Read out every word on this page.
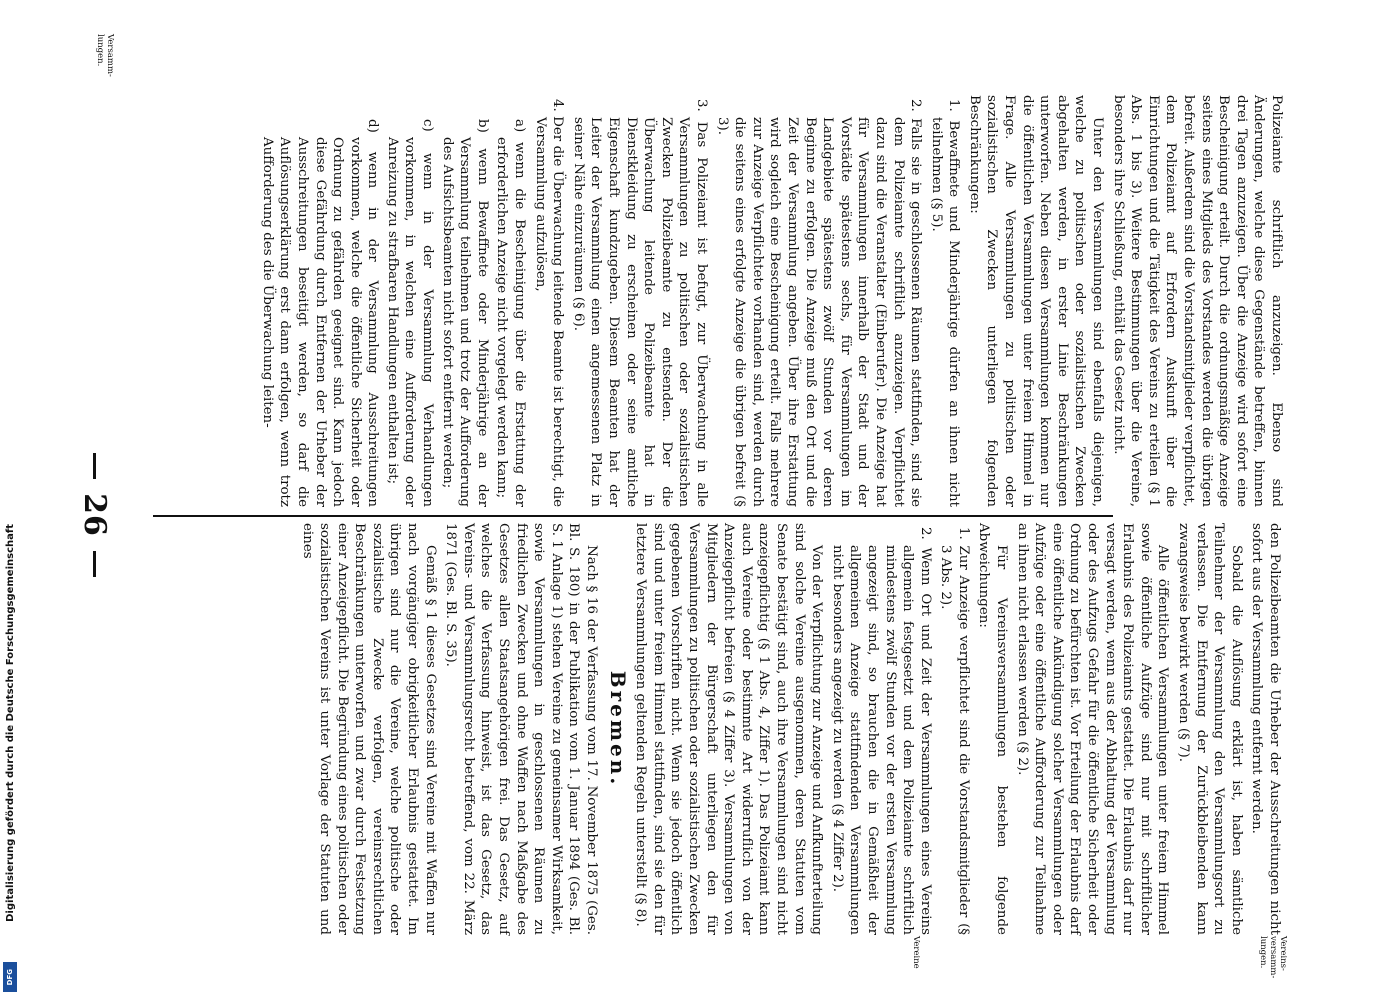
Digitalisierung gefördert durch die Deutsche Forschungsgemeinschaft
DFG
26
Versamm-lungen.
Vereins-versamm-lungen.
Vereine

Polizeiamte schriftlich anzuzeigen. Ebenso sind Änderungen, welche diese Gegenstände betreffen, binnen drei Tagen anzuzeigen. Über die Anzeige wird sofort eine Bescheinigung erteilt. Durch die ordnungsmäßige Anzeige seitens eines Mitglieds des Vorstandes werden die übrigen befreit. Außerdem sind die Vorstandsmitglieder verpflichtet, dem Polizeiamt auf Erfordern Auskunft über die Einrichtungen und die Tätigkeit des Vereins zu erteilen (§ 1 Abs. 1 bis 3). Weitere Bestimmungen über die Vereine, besonders ihre Schließung, enthält das Gesetz nicht.

Unter den Versammlungen sind ebenfalls diejenigen, welche zu politischen oder sozialistischen Zwecken abgehalten werden, in erster Linie Beschränkungen unterworfen. Neben diesen Versammlungen kommen nur die öffentlichen Versammlungen unter freiem Himmel in Frage. Alle Versammlungen zu politischen oder sozialistischen Zwecken unterliegen folgenden Beschränkungen:

1. Bewaffnete und Minderjährige dürfen an ihnen nicht teilnehmen (§ 5).
2. Falls sie in geschlossenen Räumen stattfinden, sind sie dem Polizeiamte schriftlich anzuzeigen. Verpflichtet dazu sind die Veranstalter (Einberufer). Die Anzeige hat für Versammlungen innerhalb der Stadt und der Vorstädte spätestens sechs, für Versammlungen im Landgebiete spätestens zwölf Stunden vor deren Beginne zu erfolgen. Die Anzeige muß den Ort und die Zeit der Versammlung angeben. Über ihre Erstattung wird sogleich eine Bescheinigung erteilt. Falls mehrere zur Anzeige Verpflichtete vorhanden sind, werden durch die seitens eines erfolgte Anzeige die übrigen befreit (§ 3).
3. Das Polizeiamt ist befugt, zur Überwachung in alle Versammlungen zu politischen oder sozialistischen Zwecken Polizeibeamte zu entsenden. Der die Überwachung leitende Polizeibeamte hat in Dienstkleidung zu erscheinen oder seine amtliche Eigenschaft kundzugeben. Diesem Beamten hat der Leiter der Versammlung einen angemessenen Platz in seiner Nähe einzuräumen (§ 6).
4. Der die Überwachung leitende Beamte ist berechtigt, die Versammlung aufzulösen,
a) wenn die Bescheinigung über die Erstattung der erforderlichen Anzeige nicht vorgelegt werden kann;
b) wenn Bewaffnete oder Minderjährige an der Versammlung teilnehmen und trotz der Aufforderung des Aufsichtsbeamten nicht sofort entfernt werden;
c) wenn in der Versammlung Verhandlungen vorkommen, in welchen eine Aufforderung oder Anreizung zu strafbaren Handlungen enthalten ist;
d) wenn in der Versammlung Ausschreitungen vorkommen, welche die öffentliche Sicherheit oder Ordnung zu gefährden geeignet sind. Kann jedoch diese Gefährdung durch Entfernen der Urheber der Ausschreitungen beseitigt werden, so darf die Auflösungserklärung erst dann erfolgen, wenn trotz Aufforderung des die Überwachung leiten-

den Polizeibeamten die Urheber der Ausschreitungen nicht sofort aus der Versammlung entfernt werden.

Sobald die Auflösung erklärt ist, haben sämtliche Teilnehmer der Versammlung den Versammlungsort zu verlassen. Die Entfernung der Zurückbleibenden kann zwangsweise bewirkt werden (§ 7).

Alle öffentlichen Versammlungen unter freiem Himmel sowie öffentliche Aufzüge sind nur mit schriftlicher Erlaubnis des Polizeiamts gestattet. Die Erlaubnis darf nur versagt werden, wenn aus der Abhaltung der Versammlung oder des Aufzugs Gefahr für die öffentliche Sicherheit oder Ordnung zu befürchten ist. Vor Erteilung der Erlaubnis darf eine öffentliche Ankündigung solcher Versammlungen oder Aufzüge oder eine öffentliche Aufforderung zur Teilnahme an ihnen nicht erlassen werden (§ 2).

Für Vereinsversammlungen bestehen folgende Abweichungen:

1. Zur Anzeige verpflichtet sind die Vorstandsmitglieder (§ 3 Abs. 2).
2. Wenn Ort und Zeit der Versammlungen eines Vereins allgemein festgesetzt und dem Polizeiamte schriftlich mindestens zwölf Stunden vor der ersten Versammlung angezeigt sind, so brauchen die in Gemäßheit der allgemeinen Anzeige stattfindenden Versammlungen nicht besonders angezeigt zu werden (§ 4 Ziffer 2).

Von der Verpflichtung zur Anzeige und Anfkunfterteilung sind solche Vereine ausgenommen, deren Statuten vom Senate bestätigt sind, auch ihre Versammlungen sind nicht anzeigepflichtig (§ 1 Abs. 4, Ziffer 1). Das Polizeiamt kann auch Vereine oder bestimmte Art widerruflich von der Anzeigepflicht befreien (§ 4 Ziffer 3). Versammlungen von Mitgliedern der Bürgerschaft unterliegen den für Versammlungen zu politischen oder sozialistischen Zwecken gegebenen Vorschriften nicht. Wenn sie jedoch öffentlich sind und unter freiem Himmel stattfinden, sind sie den für letztere Versammlungen geltenden Regeln unterstellt (§ 8).

Bremen.

Nach § 16 der Verfassung vom 17. November 1875 (Ges. Bl. S. 180) in der Publikation vom 1. Januar 1894 (Ges. Bl. S. 1 Anlage 1) stehen Vereine zu gemeinsamer Wirksamkeit, sowie Versammlungen in geschlossenen Räumen zu friedlichen Zwecken und ohne Waffen nach Maßgabe des Gesetzes allen Staatsangehörigen frei. Das Gesetz, auf welches die Verfassung hinweist, ist das Gesetz, das Vereins- und Versammlungsrecht betreffend, vom 22. März 1871 (Ges. Bl. S. 35).

Gemäß § 1 dieses Gesetzes sind Vereine mit Waffen nur nach vorgängiger obrigkeitlicher Erlaubnis gestattet. Im übrigen sind nur die Vereine, welche politische oder sozialistische Zwecke verfolgen, vereinsrechtlichen Beschränkungen unterworfen und zwar durch Festsetzung einer Anzeigepflicht. Die Begründung eines politischen oder sozialistischen Vereins ist unter Vorlage der Statuten und eines
